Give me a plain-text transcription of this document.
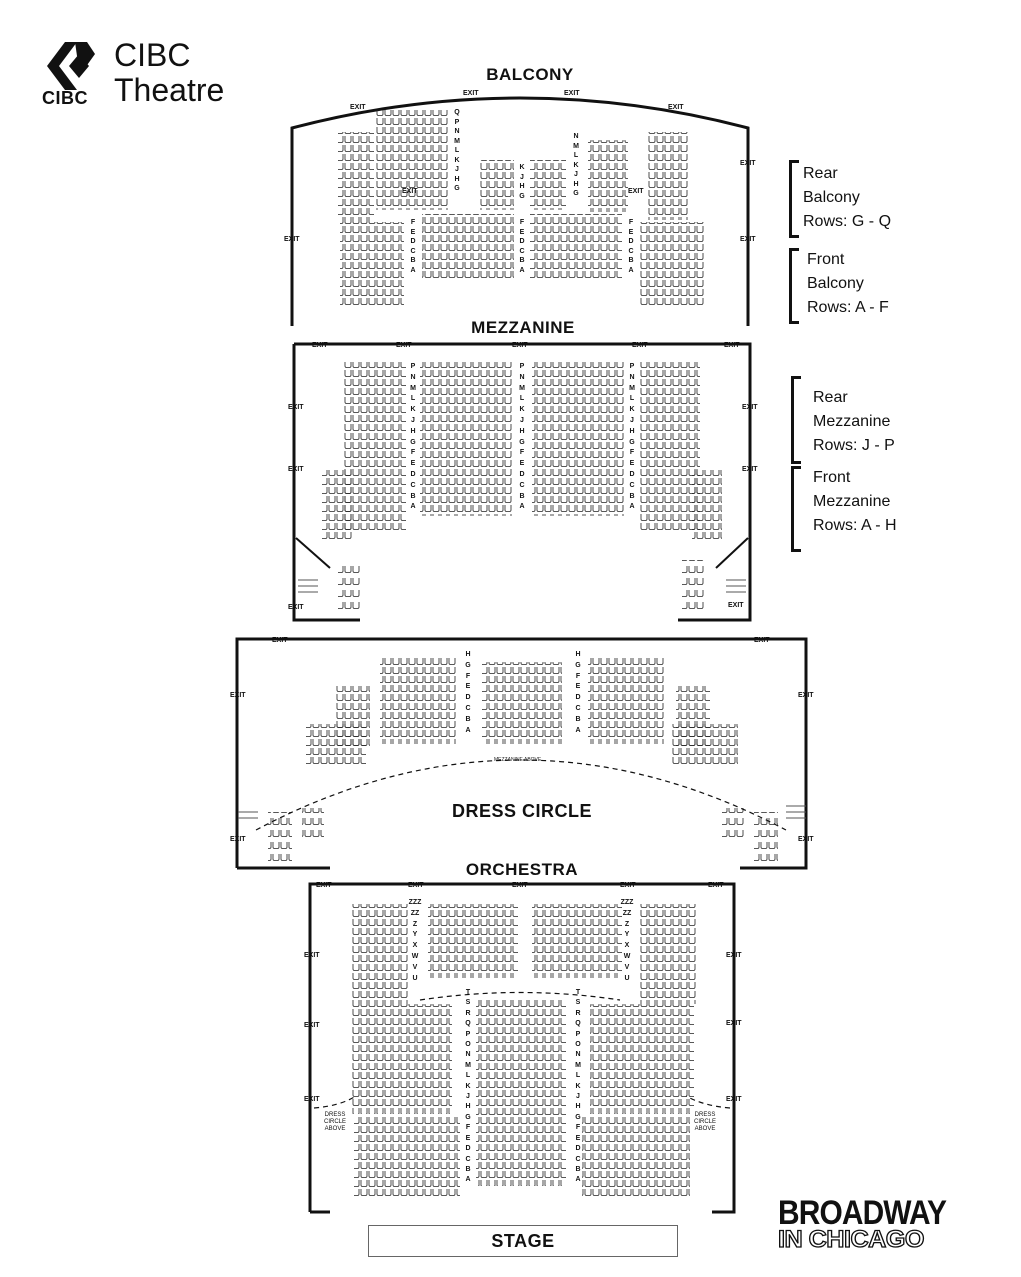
CIBC
CIBC
Theatre	BALCONY
MEZZANINE
DRESS CIRCLE
ORCHESTRA
EXIT
EXIT	EXIT
EXIT
EXIT
EXIT
EXIT
EXIT	EXIT
EXIT	EXIT	EXIT	EXIT	EXIT
EXIT
EXIT
EXIT
EXIT
EXIT	EXIT
EXIT	EXIT
EXIT	EXIT
EXIT	EXIT
EXIT	EXIT	EXIT	EXIT	EXIT
EXIT
EXIT
EXIT
EXIT
EXIT
EXIT
Q
P
N
M
L
K
J
H
G
K
J
H
G
N
M
L
K
J
H
G
F
E
D
C
B
A
F
E
D
C
B
A
F
E
D
C
B
A
P
N
M
L
K
J
H
G
F
E
D
C
B
A
P
N
M
L
K
J
H
G
F
E
D
C
B
A
P
N
M
L
K
J
H
G
F
E
D
C
B
A
H
G
F
E
D
C
B
A
H
G
F
E
D
C
B
A
ZZZ
ZZ
Z
Y
X
W
V
U
ZZZ
ZZ
Z
Y
X
W
V
U
T
S
R
Q
P
O
N
M
L
K
J
H
G
F
E
D
C
B
A
T
S
R
Q
P
O
N
M
L
K
J
H
G
F
E
D
C
B
A
MEZZANINE ABOVE
DRESS
CIRCLE
ABOVE
DRESS
CIRCLE
ABOVE
Rear
Balcony
Rows: G - Q
Front
Balcony
Rows: A - F
Rear
Mezzanine
Rows: J - P
Front
Mezzanine
Rows: A - H
STAGE
BROADWAY
IN CHICAGO
